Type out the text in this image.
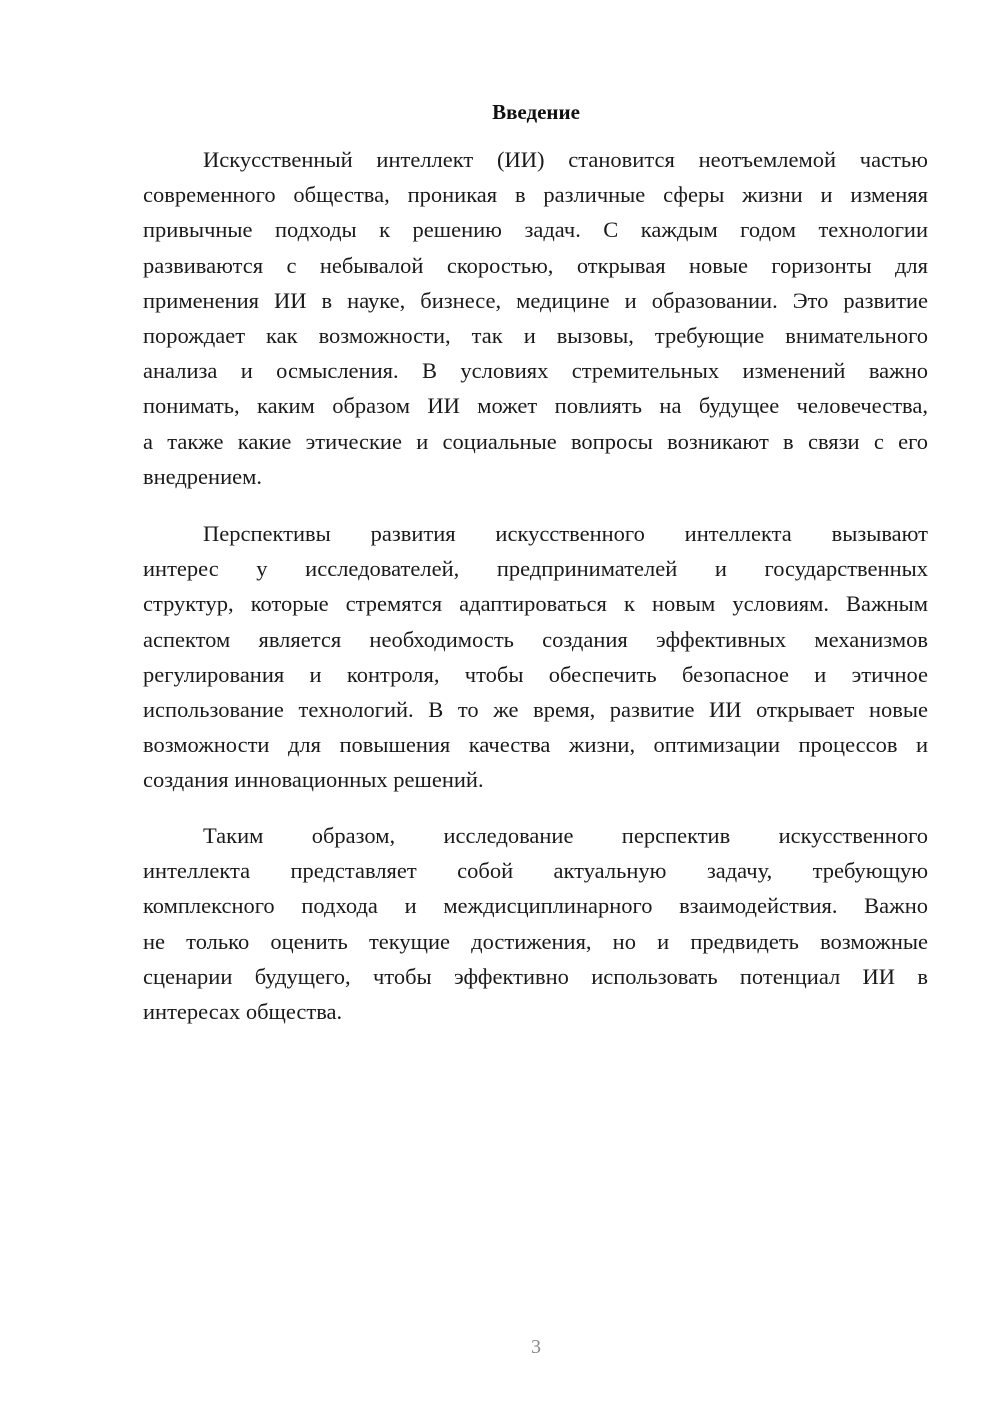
Введение
Искусственный интеллект (ИИ) становится неотъемлемой частью
современного общества, проникая в различные сферы жизни и изменяя
привычные подходы к решению задач. С каждым годом технологии
развиваются с небывалой скоростью, открывая новые горизонты для
применения ИИ в науке, бизнесе, медицине и образовании. Это развитие
порождает как возможности, так и вызовы, требующие внимательного
анализа и осмысления. В условиях стремительных изменений важно
понимать, каким образом ИИ может повлиять на будущее человечества,
а также какие этические и социальные вопросы возникают в связи с его
внедрением.
Перспективы развития искусственного интеллекта вызывают
интерес у исследователей, предпринимателей и государственных
структур, которые стремятся адаптироваться к новым условиям. Важным
аспектом является необходимость создания эффективных механизмов
регулирования и контроля, чтобы обеспечить безопасное и этичное
использование технологий. В то же время, развитие ИИ открывает новые
возможности для повышения качества жизни, оптимизации процессов и
создания инновационных решений.
Таким образом, исследование перспектив искусственного
интеллекта представляет собой актуальную задачу, требующую
комплексного подхода и междисциплинарного взаимодействия. Важно
не только оценить текущие достижения, но и предвидеть возможные
сценарии будущего, чтобы эффективно использовать потенциал ИИ в
интересах общества.
3
